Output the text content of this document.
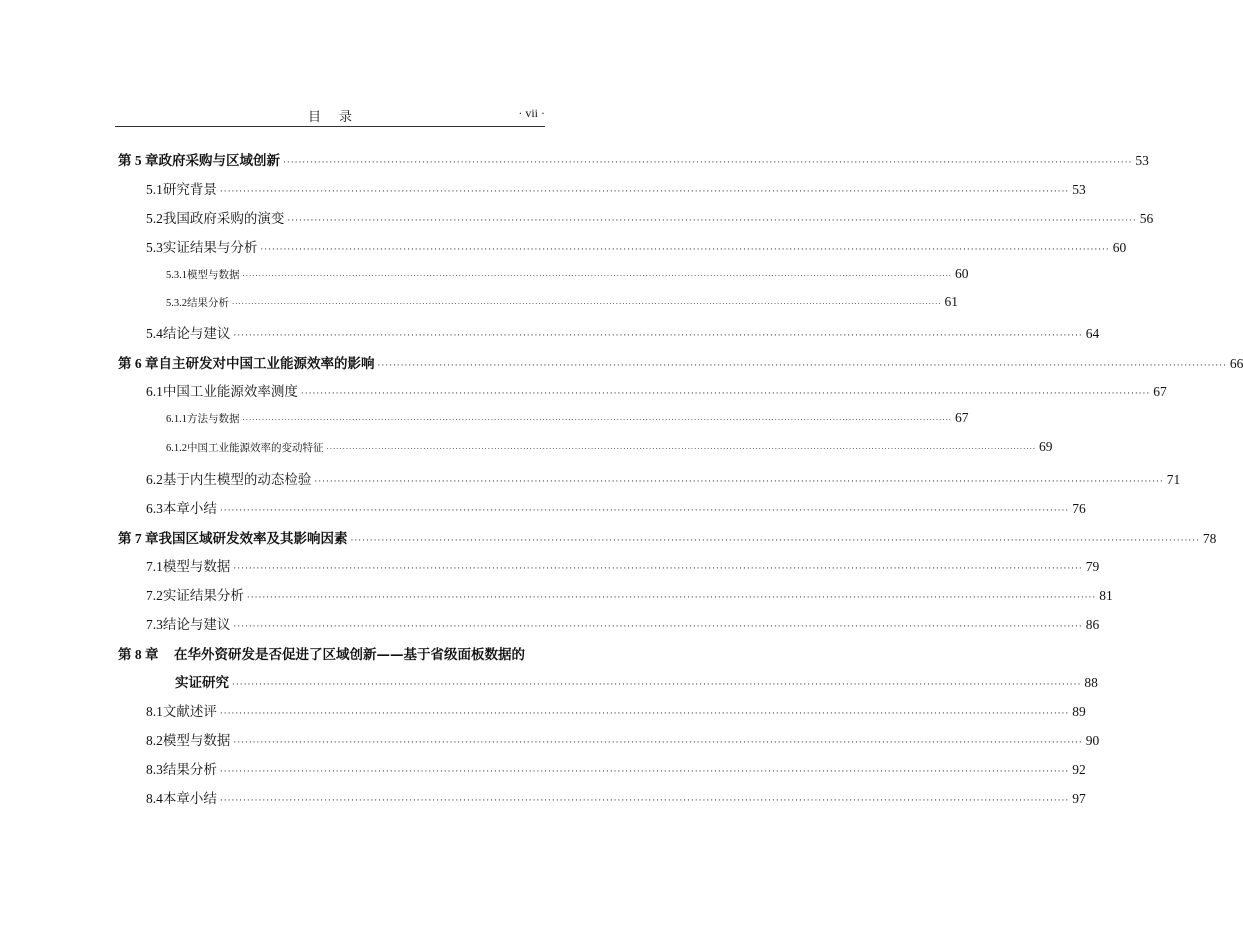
目录	· vii ·
第 5 章 政府采购与区域创新 ···························································································································································································································· 53
5.1 研究背景 ···························································································································································································································· 53
5.2 我国政府采购的演变 ···························································································································································································································· 56
5.3 实证结果与分析 ···························································································································································································································· 60
5.3.1 模型与数据 ···························································································································································································································· 60
5.3.2 结果分析 ···························································································································································································································· 61
5.4 结论与建议 ···························································································································································································································· 64
第 6 章 自主研发对中国工业能源效率的影响 ···························································································································································································································· 66
6.1 中国工业能源效率测度 ···························································································································································································································· 67
6.1.1 方法与数据 ···························································································································································································································· 67
6.1.2 中国工业能源效率的变动特征 ···························································································································································································································· 69
6.2 基于内生模型的动态检验 ···························································································································································································································· 71
6.3 本章小结 ···························································································································································································································· 76
第 7 章 我国区域研发效率及其影响因素 ···························································································································································································································· 78
7.1 模型与数据 ···························································································································································································································· 79
7.2 实证结果分析 ···························································································································································································································· 81
7.3 结论与建议 ···························································································································································································································· 86
第 8 章	在华外资研发是否促进了区域创新——基于省级面板数据的
实证研究 ···························································································································································································································· 88
8.1 文献述评 ···························································································································································································································· 89
8.2 模型与数据 ···························································································································································································································· 90
8.3 结果分析 ···························································································································································································································· 92
8.4 本章小结 ···························································································································································································································· 97
